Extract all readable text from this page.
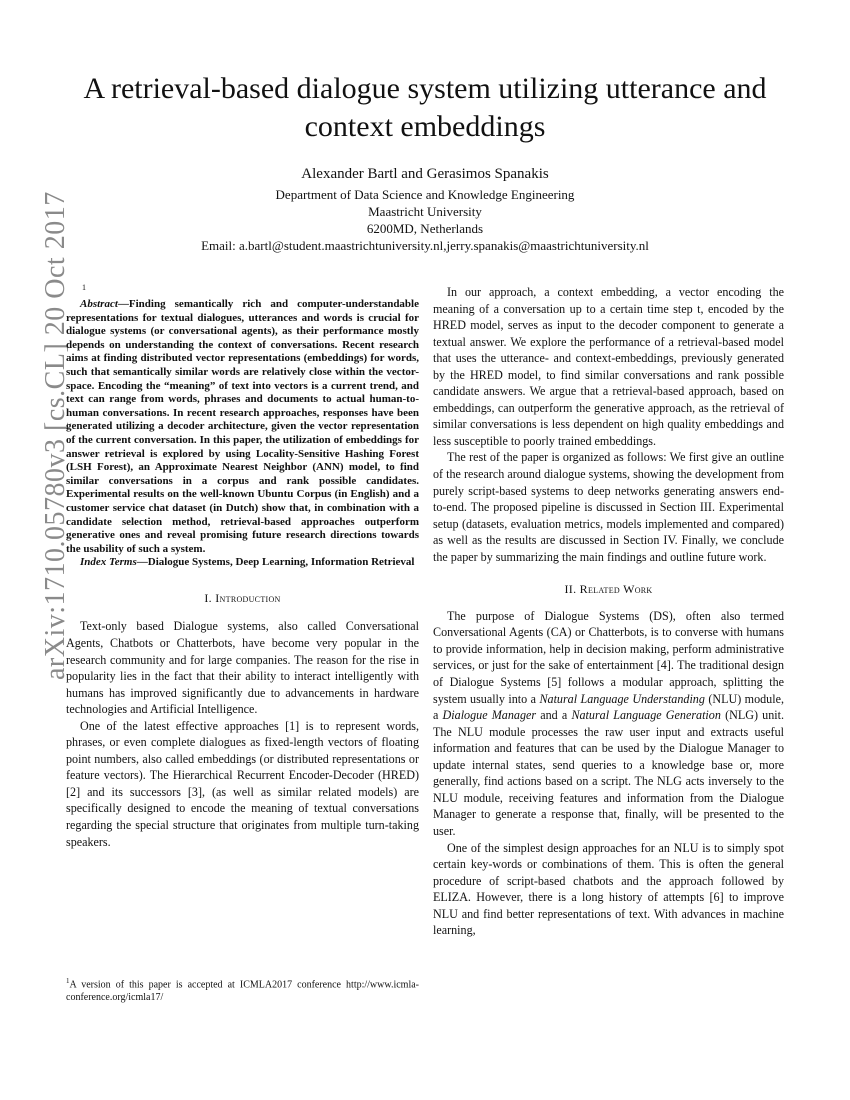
arXiv:1710.05780v3 [cs.CL] 20 Oct 2017
A retrieval-based dialogue system utilizing utterance and context embeddings
Alexander Bartl and Gerasimos Spanakis
Department of Data Science and Knowledge Engineering
Maastricht University
6200MD, Netherlands
Email: a.bartl@student.maastrichtuniversity.nl,jerry.spanakis@maastrichtuniversity.nl
1

Abstract—Finding semantically rich and computer-understandable representations for textual dialogues, utterances and words is crucial for dialogue systems (or conversational agents), as their performance mostly depends on understanding the context of conversations. Recent research aims at finding distributed vector representations (embeddings) for words, such that semantically similar words are relatively close within the vector-space. Encoding the “meaning” of text into vectors is a current trend, and text can range from words, phrases and documents to actual human-to-human conversations. In recent research approaches, responses have been generated utilizing a decoder architecture, given the vector representation of the current conversation. In this paper, the utilization of embeddings for answer retrieval is explored by using Locality-Sensitive Hashing Forest (LSH Forest), an Approximate Nearest Neighbor (ANN) model, to find similar conversations in a corpus and rank possible candidates. Experimental results on the well-known Ubuntu Corpus (in English) and a customer service chat dataset (in Dutch) show that, in combination with a candidate selection method, retrieval-based approaches outperform generative ones and reveal promising future research directions towards the usability of such a system.

Index Terms—Dialogue Systems, Deep Learning, Information Retrieval

I. Introduction

Text-only based Dialogue systems, also called Conversational Agents, Chatbots or Chatterbots, have become very popular in the research community and for large companies. The reason for the rise in popularity lies in the fact that their ability to interact intelligently with humans has improved significantly due to advancements in hardware technologies and Artificial Intelligence.

One of the latest effective approaches [1] is to represent words, phrases, or even complete dialogues as fixed-length vectors of floating point numbers, also called embeddings (or distributed representations or feature vectors). The Hierarchical Recurrent Encoder-Decoder (HRED) [2] and its successors [3], (as well as similar related models) are specifically designed to encode the meaning of textual conversations regarding the special structure that originates from multiple turn-taking speakers.

$^1$A version of this paper is accepted at ICMLA2017 conference http://www.icmla-conference.org/icmla17/

In our approach, a context embedding, a vector encoding the meaning of a conversation up to a certain time step t, encoded by the HRED model, serves as input to the decoder component to generate a textual answer. We explore the performance of a retrieval-based model that uses the utterance- and context-embeddings, previously generated by the HRED model, to find similar conversations and rank possible candidate answers. We argue that a retrieval-based approach, based on embeddings, can outperform the generative approach, as the retrieval of similar conversations is less dependent on high quality embeddings and less susceptible to poorly trained embeddings.

The rest of the paper is organized as follows: We first give an outline of the research around dialogue systems, showing the development from purely script-based systems to deep networks generating answers end-to-end. The proposed pipeline is discussed in Section III. Experimental setup (datasets, evaluation metrics, models implemented and compared) as well as the results are discussed in Section IV. Finally, we conclude the paper by summarizing the main findings and outline future work.

II. Related Work

The purpose of Dialogue Systems (DS), often also termed Conversational Agents (CA) or Chatterbots, is to converse with humans to provide information, help in decision making, perform administrative services, or just for the sake of entertainment [4]. The traditional design of Dialogue Systems [5] follows a modular approach, splitting the system usually into a Natural Language Understanding (NLU) module, a Dialogue Manager and a Natural Language Generation (NLG) unit. The NLU module processes the raw user input and extracts useful information and features that can be used by the Dialogue Manager to update internal states, send queries to a knowledge base or, more generally, find actions based on a script. The NLG acts inversely to the NLU module, receiving features and information from the Dialogue Manager to generate a response that, finally, will be presented to the user.

One of the simplest design approaches for an NLU is to simply spot certain key-words or combinations of them. This is often the general procedure of script-based chatbots and the approach followed by ELIZA. However, there is a long history of attempts [6] to improve NLU and find better representations of text. With advances in machine learning,
